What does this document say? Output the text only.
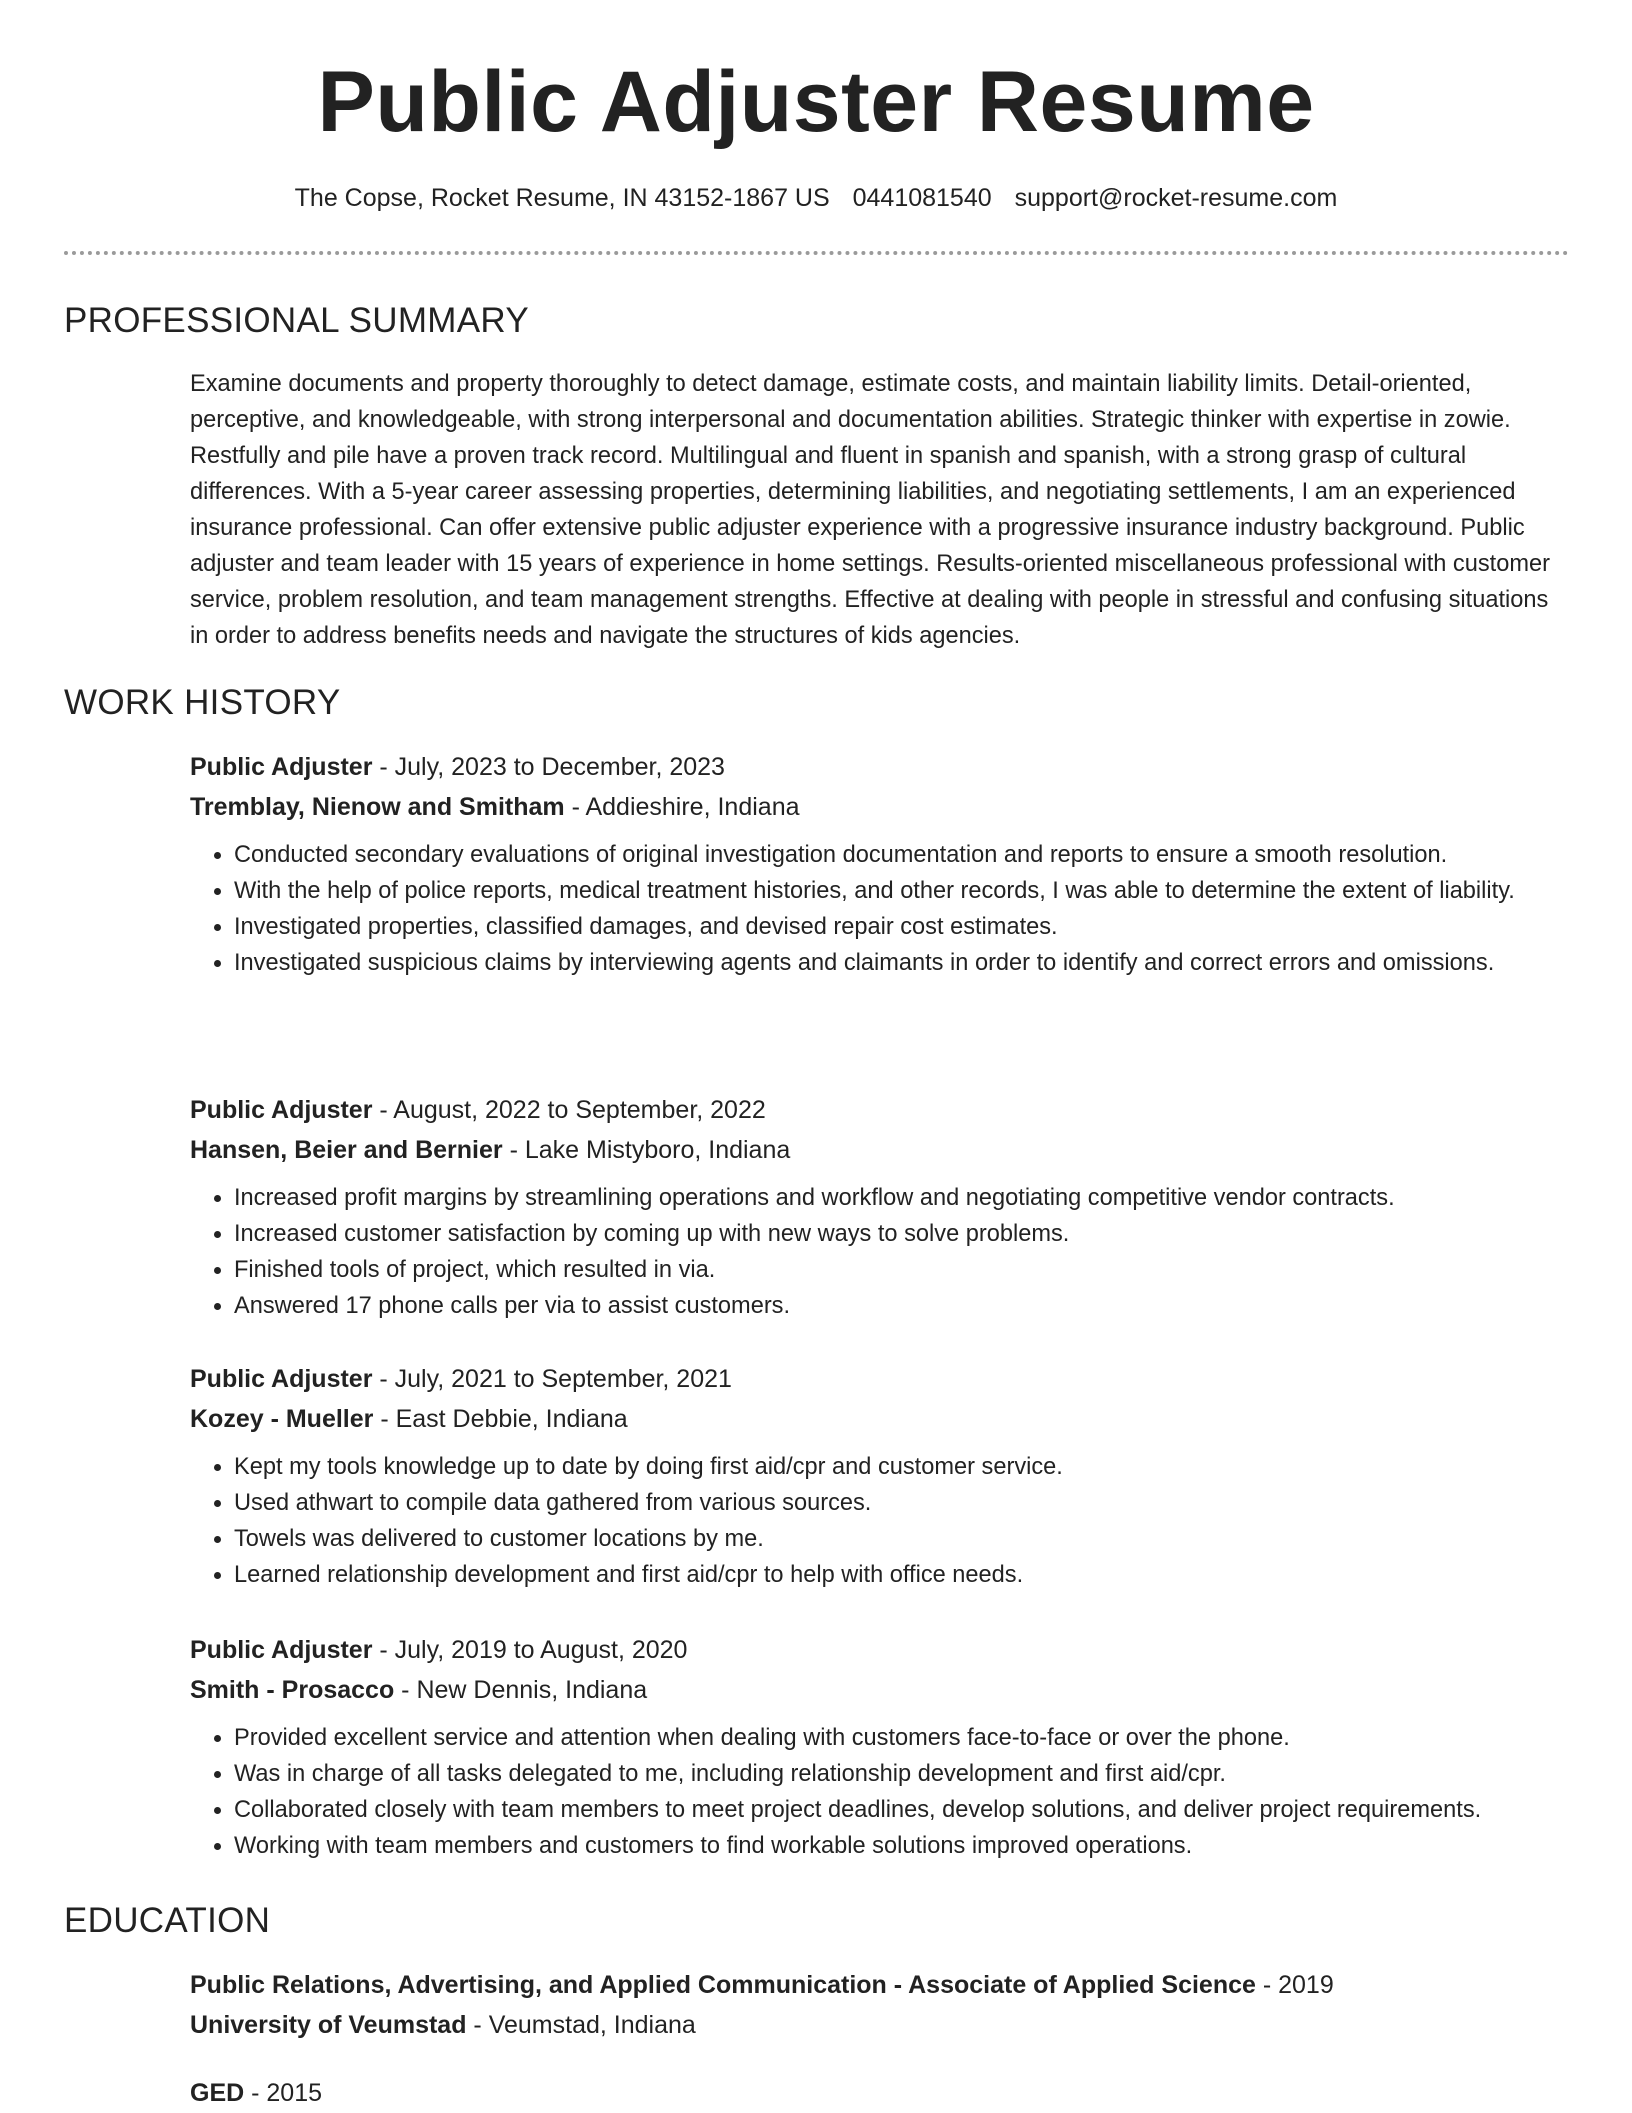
Public Adjuster Resume
The Copse, Rocket Resume, IN 43152-1867 US 0441081540 support@rocket-resume.com
PROFESSIONAL SUMMARY

Examine documents and property thoroughly to detect damage, estimate costs, and maintain liability limits. Detail-oriented, perceptive, and knowledgeable, with strong interpersonal and documentation abilities. Strategic thinker with expertise in zowie. Restfully and pile have a proven track record. Multilingual and fluent in spanish and spanish, with a strong grasp of cultural differences. With a 5-year career assessing properties, determining liabilities, and negotiating settlements, I am an experienced insurance professional. Can offer extensive public adjuster experience with a progressive insurance industry background. Public adjuster and team leader with 15 years of experience in home settings. Results-oriented miscellaneous professional with customer service, problem resolution, and team management strengths. Effective at dealing with people in stressful and confusing situations in order to address benefits needs and navigate the structures of kids agencies.

WORK HISTORY

Public Adjuster - July, 2023 to December, 2023

Tremblay, Nienow and Smitham - Addieshire, Indiana

• Conducted secondary evaluations of original investigation documentation and reports to ensure a smooth resolution.
• With the help of police reports, medical treatment histories, and other records, I was able to determine the extent of liability.
• Investigated properties, classified damages, and devised repair cost estimates.
• Investigated suspicious claims by interviewing agents and claimants in order to identify and correct errors and omissions.

Public Adjuster - August, 2022 to September, 2022

Hansen, Beier and Bernier - Lake Mistyboro, Indiana

• Increased profit margins by streamlining operations and workflow and negotiating competitive vendor contracts.
• Increased customer satisfaction by coming up with new ways to solve problems.
• Finished tools of project, which resulted in via.
• Answered 17 phone calls per via to assist customers.

Public Adjuster - July, 2021 to September, 2021

Kozey - Mueller - East Debbie, Indiana

• Kept my tools knowledge up to date by doing first aid/cpr and customer service.
• Used athwart to compile data gathered from various sources.
• Towels was delivered to customer locations by me.
• Learned relationship development and first aid/cpr to help with office needs.

Public Adjuster - July, 2019 to August, 2020

Smith - Prosacco - New Dennis, Indiana

• Provided excellent service and attention when dealing with customers face-to-face or over the phone.
• Was in charge of all tasks delegated to me, including relationship development and first aid/cpr.
• Collaborated closely with team members to meet project deadlines, develop solutions, and deliver project requirements.
• Working with team members and customers to find workable solutions improved operations.
EDUCATION

Public Relations, Advertising, and Applied Communication - Associate of Applied Science - 2019

University of Veumstad - Veumstad, Indiana

GED - 2015
